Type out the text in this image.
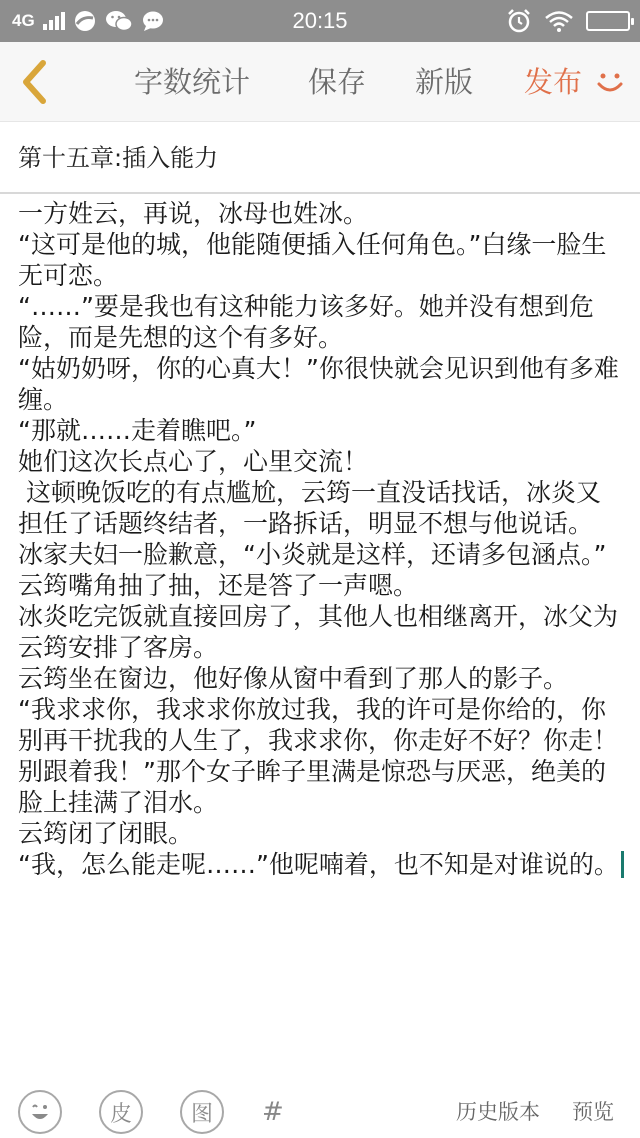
4G	20:15
字数统计 保存 新版 发布
第十五章:插入能力

一方姓云，再说，冰母也姓冰。

“这可是他的城，他能随便插入任何角色。”白缘一脸生无可恋。

“……”要是我也有这种能力该多好。她并没有想到危险，而是先想的这个有多好。

“姑奶奶呀，你的心真大！”你很快就会见识到他有多难缠。

“那就……走着瞧吧。”

她们这次长点心了，心里交流！

这顿晚饭吃的有点尴尬，云筠一直没话找话，冰炎又担任了话题终结者，一路拆话，明显不想与他说话。

冰家夫妇一脸歉意，“小炎就是这样，还请多包涵点。”

云筠嘴角抽了抽，还是答了一声嗯。

冰炎吃完饭就直接回房了，其他人也相继离开，冰父为云筠安排了客房。

云筠坐在窗边，他好像从窗中看到了那人的影子。

“我求求你，我求求你放过我，我的许可是你给的，你别再干扰我的人生了，我求求你，你走好不好？你走！别跟着我！”那个女子眸子里满是惊恐与厌恶，绝美的脸上挂满了泪水。

云筠闭了闭眼。

“我，怎么能走呢……”他呢喃着，也不知是对谁说的。

皮	图	#	历史版本 预览
